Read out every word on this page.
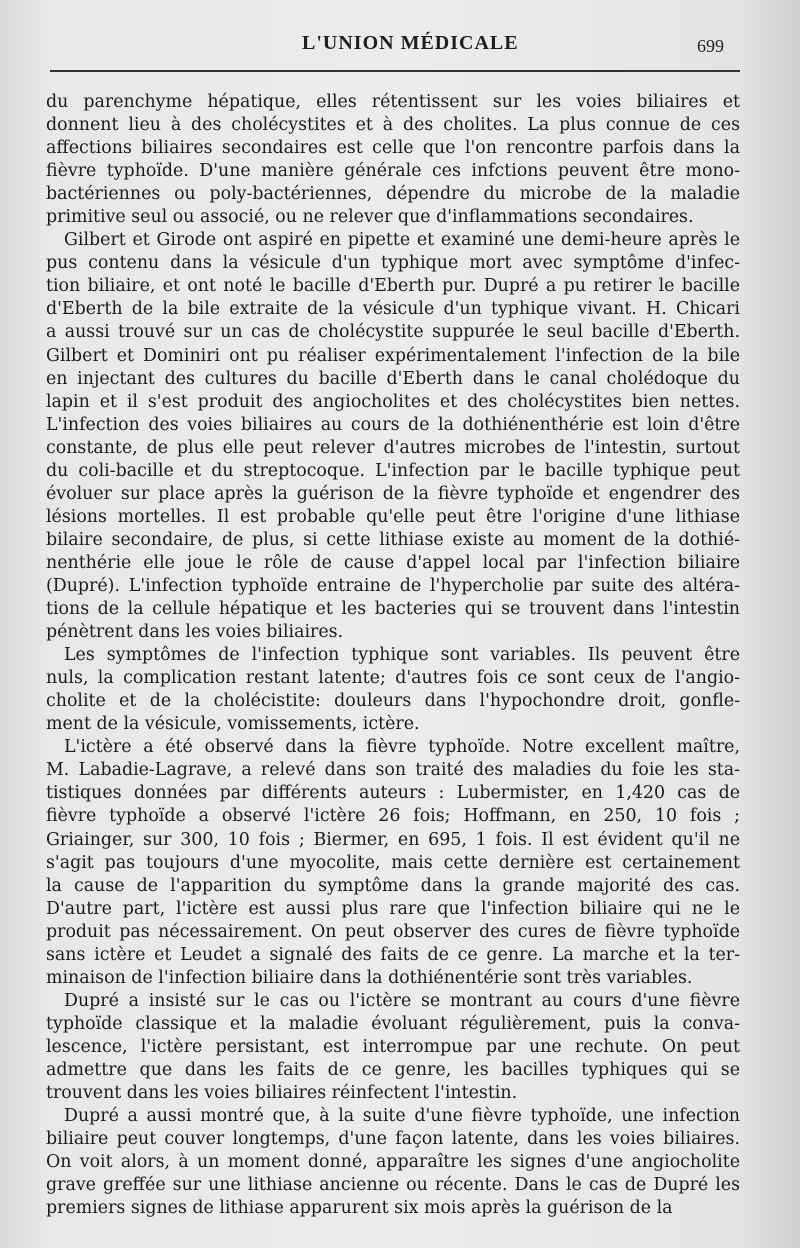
L'UNION MÉDICALE	699
du parenchyme hépatique, elles rétentissent sur les voies biliaires et
donnent lieu à des cholécystites et à des cholites. La plus connue de ces
affections biliaires secondaires est celle que l'on rencontre parfois dans la
fièvre typhoïde. D'une manière générale ces infctions peuvent être mono-
bactériennes ou poly-bactériennes, dépendre du microbe de la maladie
primitive seul ou associé, ou ne relever que d'inflammations secondaires.
Gilbert et Girode ont aspiré en pipette et examiné une demi-heure après le
pus contenu dans la vésicule d'un typhique mort avec symptôme d'infec-
tion biliaire, et ont noté le bacille d'Eberth pur. Dupré a pu retirer le bacille
d'Eberth de la bile extraite de la vésicule d'un typhique vivant. H. Chicari
a aussi trouvé sur un cas de cholécystite suppurée le seul bacille d'Eberth.
Gilbert et Dominiri ont pu réaliser expérimentalement l'infection de la bile
en injectant des cultures du bacille d'Eberth dans le canal cholédoque du
lapin et il s'est produit des angiocholites et des cholécystites bien nettes.
L'infection des voies biliaires au cours de la dothiénenthérie est loin d'être
constante, de plus elle peut relever d'autres microbes de l'intestin, surtout
du coli-bacille et du streptocoque. L'infection par le bacille typhique peut
évoluer sur place après la guérison de la fièvre typhoïde et engendrer des
lésions mortelles. Il est probable qu'elle peut être l'origine d'une lithiase
bilaire secondaire, de plus, si cette lithiase existe au moment de la dothié-
nenthérie elle joue le rôle de cause d'appel local par l'infection biliaire
(Dupré). L'infection typhoïde entraine de l'hypercholie par suite des altéra-
tions de la cellule hépatique et les bacteries qui se trouvent dans l'intestin
pénètrent dans les voies biliaires.
Les symptômes de l'infection typhique sont variables. Ils peuvent être
nuls, la complication restant latente; d'autres fois ce sont ceux de l'angio-
cholite et de la cholécistite: douleurs dans l'hypochondre droit, gonfle-
ment de la vésicule, vomissements, ictère.
L'ictère a été observé dans la fièvre typhoïde. Notre excellent maître,
M. Labadie-Lagrave, a relevé dans son traité des maladies du foie les sta-
tistiques données par différents auteurs : Lubermister, en 1,420 cas de
fièvre typhoïde a observé l'ictère 26 fois; Hoffmann, en 250, 10 fois ;
Griainger, sur 300, 10 fois ; Biermer, en 695, 1 fois. Il est évident qu'il ne
s'agit pas toujours d'une myocolite, mais cette dernière est certainement
la cause de l'apparition du symptôme dans la grande majorité des cas.
D'autre part, l'ictère est aussi plus rare que l'infection biliaire qui ne le
produit pas nécessairement. On peut observer des cures de fièvre typhoïde
sans ictère et Leudet a signalé des faits de ce genre. La marche et la ter-
minaison de l'infection biliaire dans la dothiénentérie sont très variables.
Dupré a insisté sur le cas ou l'ictère se montrant au cours d'une fièvre
typhoïde classique et la maladie évoluant régulièrement, puis la conva-
lescence, l'ictère persistant, est interrompue par une rechute. On peut
admettre que dans les faits de ce genre, les bacilles typhiques qui se
trouvent dans les voies biliaires réinfectent l'intestin.
Dupré a aussi montré que, à la suite d'une fièvre typhoïde, une infection
biliaire peut couver longtemps, d'une façon latente, dans les voies biliaires.
On voit alors, à un moment donné, apparaître les signes d'une angiocholite
grave greffée sur une lithiase ancienne ou récente. Dans le cas de Dupré les
premiers signes de lithiase apparurent six mois après la guérison de la
